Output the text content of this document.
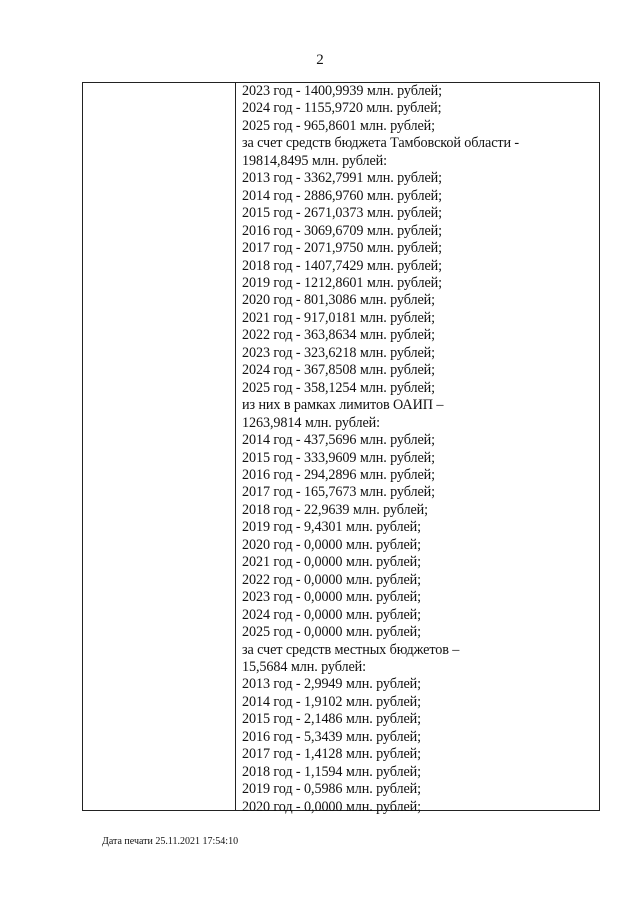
2
2023 год - 1400,9939 млн. рублей;
2024 год - 1155,9720 млн. рублей;
2025 год - 965,8601 млн. рублей;
за счет средств бюджета Тамбовской области -
19814,8495 млн. рублей:
2013 год - 3362,7991 млн. рублей;
2014 год - 2886,9760 млн. рублей;
2015 год - 2671,0373 млн. рублей;
2016 год - 3069,6709 млн. рублей;
2017 год - 2071,9750 млн. рублей;
2018 год - 1407,7429 млн. рублей;
2019 год - 1212,8601 млн. рублей;
2020 год - 801,3086 млн. рублей;
2021 год - 917,0181 млн. рублей;
2022 год - 363,8634 млн. рублей;
2023 год - 323,6218 млн. рублей;
2024 год - 367,8508 млн. рублей;
2025 год - 358,1254 млн. рублей;
из них в рамках лимитов ОАИП –
1263,9814 млн. рублей:
2014 год - 437,5696 млн. рублей;
2015 год - 333,9609 млн. рублей;
2016 год - 294,2896 млн. рублей;
2017 год - 165,7673 млн. рублей;
2018 год - 22,9639 млн. рублей;
2019 год - 9,4301 млн. рублей;
2020 год - 0,0000 млн. рублей;
2021 год - 0,0000 млн. рублей;
2022 год - 0,0000 млн. рублей;
2023 год - 0,0000 млн. рублей;
2024 год - 0,0000 млн. рублей;
2025 год - 0,0000 млн. рублей;
за счет средств местных бюджетов –
15,5684 млн. рублей:
2013 год - 2,9949 млн. рублей;
2014 год - 1,9102 млн. рублей;
2015 год - 2,1486 млн. рублей;
2016 год - 5,3439 млн. рублей;
2017 год - 1,4128 млн. рублей;
2018 год - 1,1594 млн. рублей;
2019 год - 0,5986 млн. рублей;
2020 год - 0,0000 млн. рублей;
Дата печати 25.11.2021 17:54:10
